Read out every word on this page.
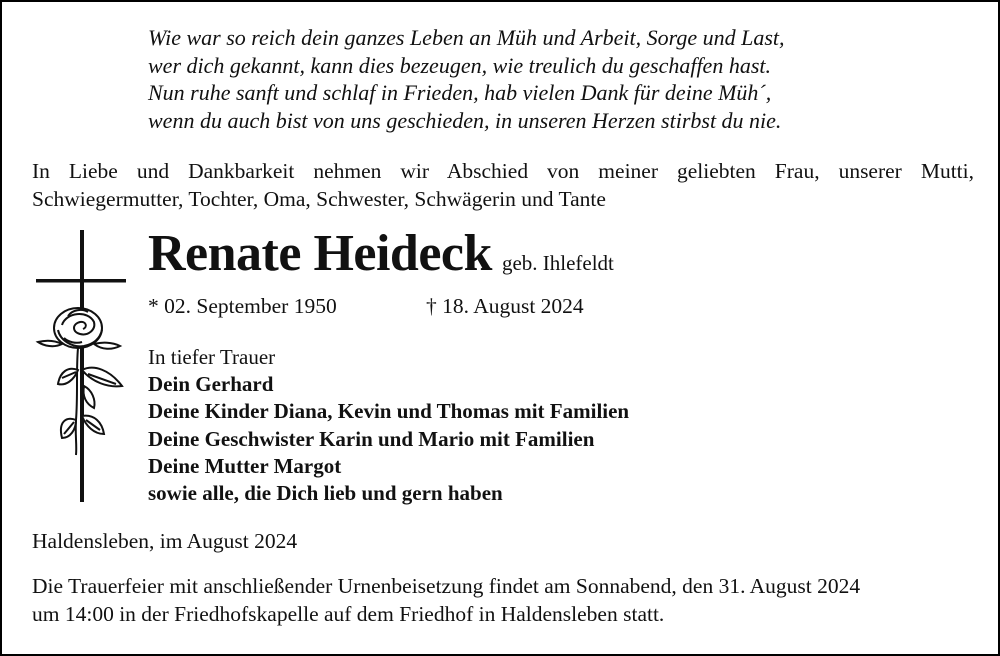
Wie war so reich dein ganzes Leben an Müh und Arbeit, Sorge und Last,
wer dich gekannt, kann dies bezeugen, wie treulich du geschaffen hast.
Nun ruhe sanft und schlaf in Frieden, hab vielen Dank für deine Müh´,
wenn du auch bist von uns geschieden, in unseren Herzen stirbst du nie.
In Liebe und Dankbarkeit nehmen wir Abschied von meiner geliebten Frau, unserer Mutti,
Schwiegermutter, Tochter, Oma, Schwester, Schwägerin und Tante
Renate Heideck geb. Ihlefeldt
* 02. September 1950	† 18. August 2024
In tiefer Trauer
Dein Gerhard
Deine Kinder Diana, Kevin und Thomas mit Familien
Deine Geschwister Karin und Mario mit Familien
Deine Mutter Margot
sowie alle, die Dich lieb und gern haben
Haldensleben, im August 2024
Die Trauerfeier mit anschließender Urnenbeisetzung findet am Sonnabend, den 31. August 2024
um 14:00 in der Friedhofskapelle auf dem Friedhof in Haldensleben statt.
